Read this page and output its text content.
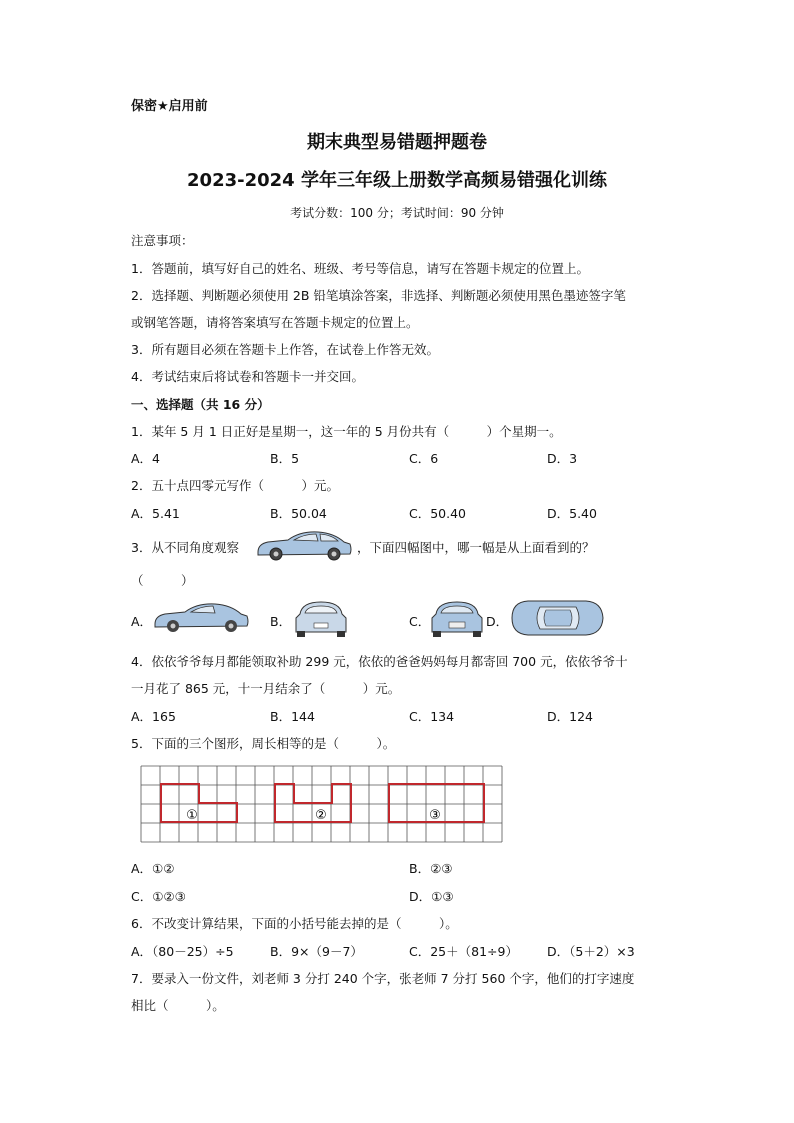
保密★启用前
期末典型易错题押题卷
2023-2024 学年三年级上册数学高频易错强化训练
考试分数：100 分；考试时间：90 分钟
注意事项：
1．答题前，填写好自己的姓名、班级、考号等信息，请写在答题卡规定的位置上。
2．选择题、判断题必须使用 2B 铅笔填涂答案，非选择、判断题必须使用黑色墨迹签字笔
或钢笔答题，请将答案填写在答题卡规定的位置上。
3．所有题目必须在答题卡上作答，在试卷上作答无效。
4．考试结束后将试卷和答题卡一并交回。
一、选择题（共 16 分）
1．某年 5 月 1 日正好是星期一，这一年的 5 月份共有（　　　）个星期一。
A．4	B．5	C．6	D．3
2．五十点四零元写作（　　　）元。
A．5.41	B．50.04	C．50.40	D．5.40
3．从不同角度观察	，下面四幅图中，哪一幅是从上面看到的？
（　　　）
A．	B．	C．	D．
4．依依爷爷每月都能领取补助 299 元，依依的爸爸妈妈每月都寄回 700 元，依依爷爷十
一月花了 865 元，十一月结余了（　　　）元。
A．165	B．144	C．134	D．124
5．下面的三个图形，周长相等的是（　　　）。
①	②	③
A．①②	B．②③
C．①②③	D．①③
6．不改变计算结果，下面的小括号能去掉的是（　　　）。
A．（80－25）÷5	B．9×（9－7）	C．25＋（81÷9） D．（5＋2）×3
7．要录入一份文件，刘老师 3 分打 240 个字，张老师 7 分打 560 个字，他们的打字速度
相比（　　　）。
